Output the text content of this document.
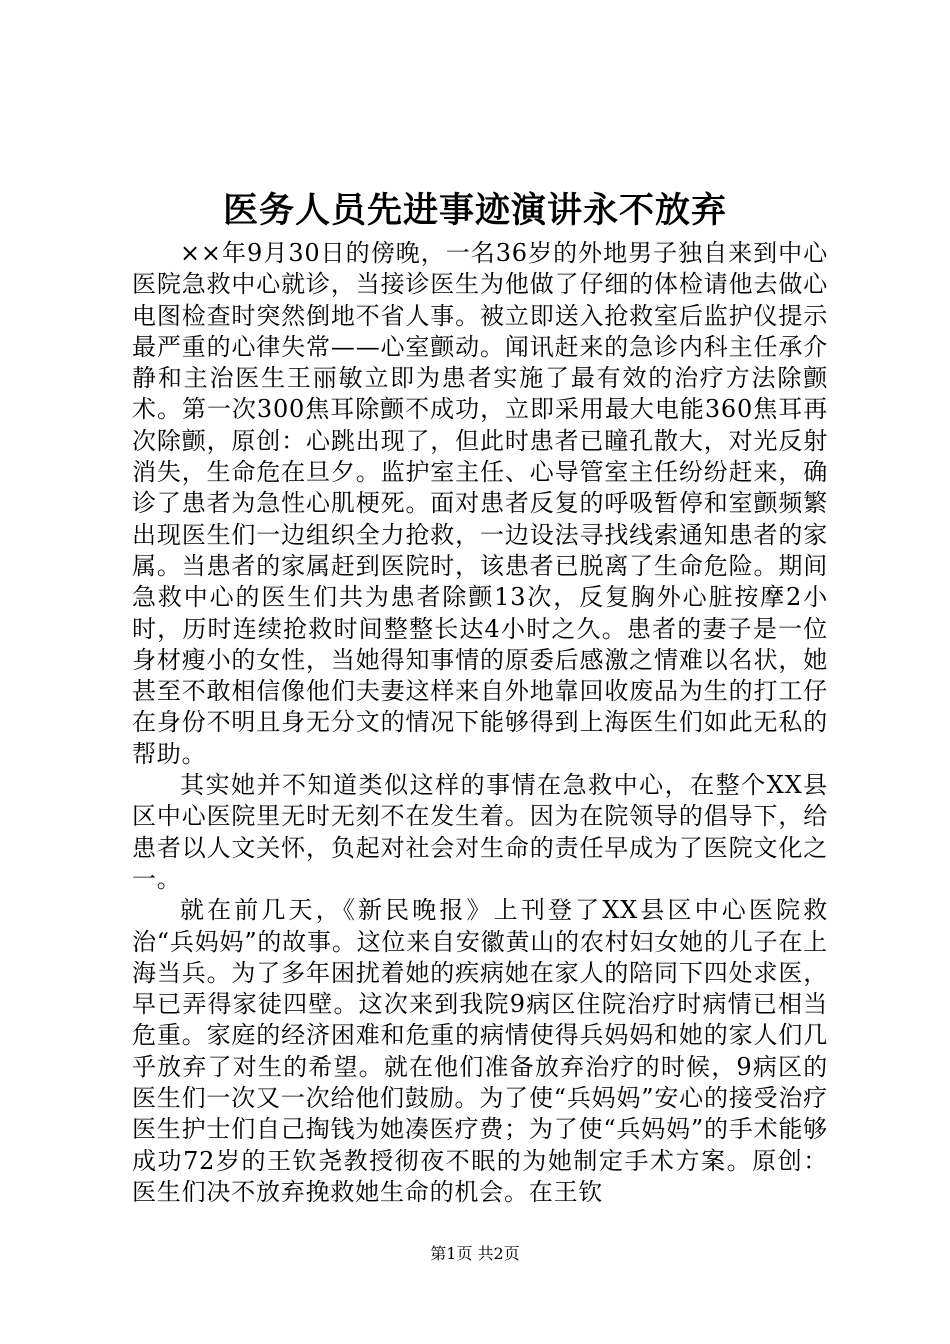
医务人员先进事迹演讲永不放弃

××年9月30日的傍晚，一名36岁的外地男子独自来到中心医院急救中心就诊，当接诊医生为他做了仔细的体检请他去做心电图检查时突然倒地不省人事。被立即送入抢救室后监护仪提示最严重的心律失常——心室颤动。闻讯赶来的急诊内科主任承介静和主治医生王丽敏立即为患者实施了最有效的治疗方法除颤术。第一次300焦耳除颤不成功，立即采用最大电能360焦耳再次除颤，原创：心跳出现了，但此时患者已瞳孔散大，对光反射消失，生命危在旦夕。监护室主任、心导管室主任纷纷赶来，确诊了患者为急性心肌梗死。面对患者反复的呼吸暂停和室颤频繁出现医生们一边组织全力抢救，一边设法寻找线索通知患者的家属。当患者的家属赶到医院时，该患者已脱离了生命危险。期间急救中心的医生们共为患者除颤13次，反复胸外心脏按摩2小时，历时连续抢救时间整整长达4小时之久。患者的妻子是一位身材瘦小的女性，当她得知事情的原委后感激之情难以名状，她甚至不敢相信像他们夫妻这样来自外地靠回收废品为生的打工仔在身份不明且身无分文的情况下能够得到上海医生们如此无私的帮助。

其实她并不知道类似这样的事情在急救中心，在整个XX县区中心医院里无时无刻不在发生着。因为在院领导的倡导下，给患者以人文关怀，负起对社会对生命的责任早成为了医院文化之一。

就在前几天，《新民晚报》上刊登了XX县区中心医院救治“兵妈妈”的故事。这位来自安徽黄山的农村妇女她的儿子在上海当兵。为了多年困扰着她的疾病她在家人的陪同下四处求医，早已弄得家徒四壁。这次来到我院9病区住院治疗时病情已相当危重。家庭的经济困难和危重的病情使得兵妈妈和她的家人们几乎放弃了对生的希望。就在他们准备放弃治疗的时候，9病区的医生们一次又一次给他们鼓励。为了使“兵妈妈”安心的接受治疗医生护士们自己掏钱为她凑医疗费；为了使“兵妈妈”的手术能够成功72岁的王钦尧教授彻夜不眠的为她制定手术方案。原创：医生们决不放弃挽救她生命的机会。在王钦

第1页 共2页
